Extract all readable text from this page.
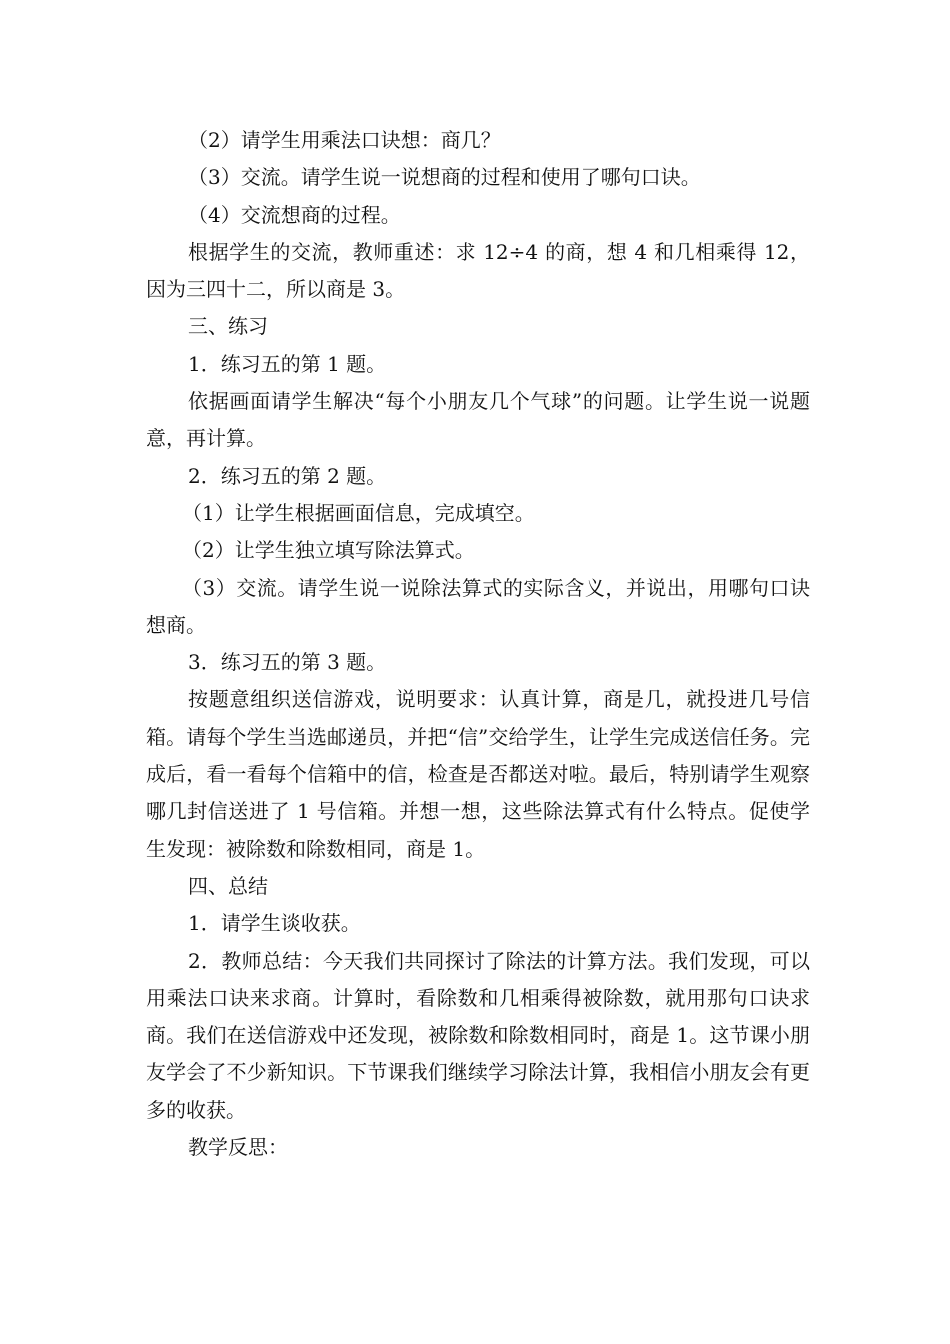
（2）请学生用乘法口诀想：商几？

（3）交流。请学生说一说想商的过程和使用了哪句口诀。

（4）交流想商的过程。

根据学生的交流，教师重述：求 12÷4 的商，想 4 和几相乘得 12，因为三四十二，所以商是 3。

三、练习

1．练习五的第 1 题。

依据画面请学生解决“每个小朋友几个气球”的问题。让学生说一说题意，再计算。

2．练习五的第 2 题。

（1）让学生根据画面信息，完成填空。

（2）让学生独立填写除法算式。

（3）交流。请学生说一说除法算式的实际含义，并说出，用哪句口诀想商。

3．练习五的第 3 题。

按题意组织送信游戏，说明要求：认真计算，商是几，就投进几号信箱。请每个学生当选邮递员，并把“信”交给学生，让学生完成送信任务。完成后，看一看每个信箱中的信，检查是否都送对啦。最后，特别请学生观察哪几封信送进了 1 号信箱。并想一想，这些除法算式有什么特点。促使学生发现：被除数和除数相同，商是 1。

四、总结

1．请学生谈收获。

2．教师总结：今天我们共同探讨了除法的计算方法。我们发现，可以用乘法口诀来求商。计算时，看除数和几相乘得被除数，就用那句口诀求商。我们在送信游戏中还发现，被除数和除数相同时，商是 1。这节课小朋友学会了不少新知识。下节课我们继续学习除法计算，我相信小朋友会有更多的收获。

教学反思：
